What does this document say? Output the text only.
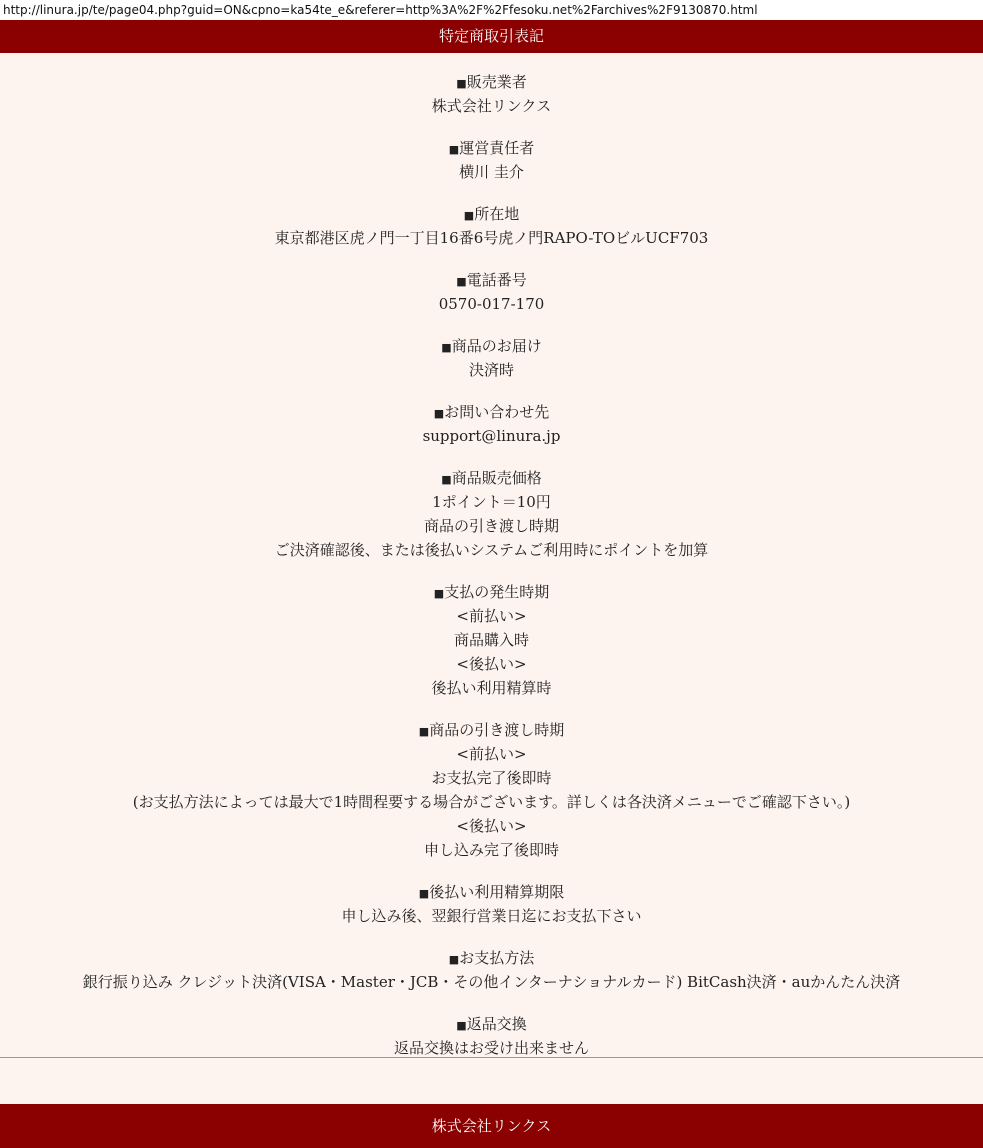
http://linura.jp/te/page04.php?guid=ON&cpno=ka54te_e&referer=http%3A%2F%2Ffesoku.net%2Farchives%2F9130870.html
特定商取引表記
■ 販売業者
株式会社リンクス
■ 運営責任者
横川 圭介
■ 所在地
東京都港区虎ノ門一丁目16番6号虎ノ門RAPO-TOビルUCF703
■ 電話番号
0570-017-170
■ 商品のお届け
決済時
■ お問い合わせ先
support@linura.jp
■ 商品販売価格
1ポイント＝10円
商品の引き渡し時期
ご決済確認後、または後払いシステムご利用時にポイントを加算
■ 支払の発生時期
<前払い>
商品購入時
<後払い>
後払い利用精算時
■ 商品の引き渡し時期
<前払い>
お支払完了後即時
(お支払方法によっては最大で1時間程要する場合がございます。詳しくは各決済メニューでご確認下さい。)
<後払い>
申し込み完了後即時
■ 後払い利用精算期限
申し込み後、翌銀行営業日迄にお支払下さい
■ お支払方法
銀行振り込み クレジット決済(VISA・Master・JCB・その他インターナショナルカード) BitCash決済・auかんたん決済
■ 返品交換
返品交換はお受け出来ません
株式会社リンクス
